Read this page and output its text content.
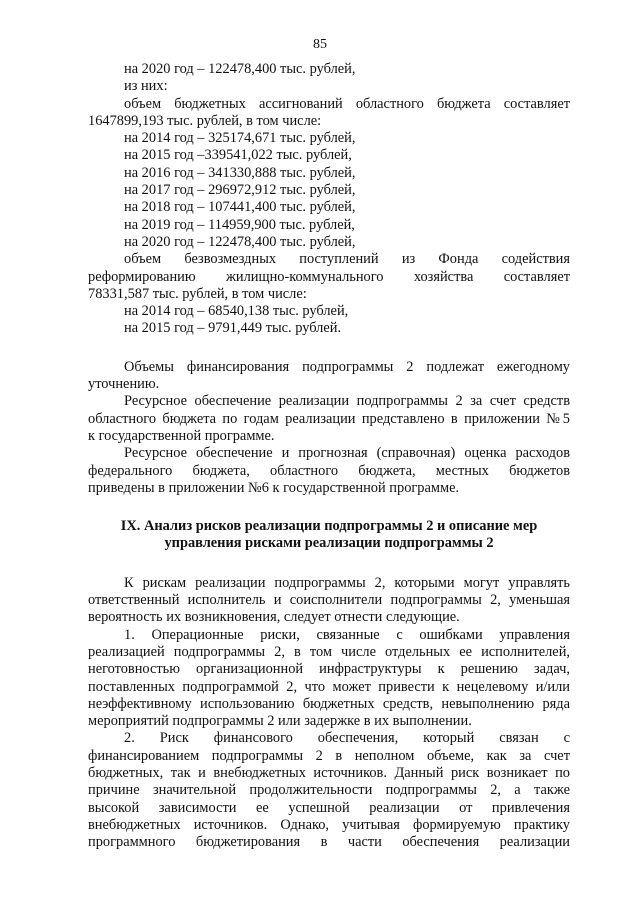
85
на 2020 год – 122478,400 тыс. рублей,
из них:
объем бюджетных ассигнований областного бюджета составляет
1647899,193 тыс. рублей, в том числе:
на 2014 год – 325174,671 тыс. рублей,
на 2015 год –339541,022 тыс. рублей,
на 2016 год – 341330,888 тыс. рублей,
на 2017 год – 296972,912 тыс. рублей,
на 2018 год – 107441,400 тыс. рублей,
на 2019 год – 114959,900 тыс. рублей,
на 2020 год – 122478,400 тыс. рублей,
объем безвозмездных поступлений из Фонда содействия
реформированию жилищно-коммунального хозяйства составляет
78331,587 тыс. рублей, в том числе:
на 2014 год – 68540,138 тыс. рублей,
на 2015 год – 9791,449 тыс. рублей.
Объемы финансирования подпрограммы 2 подлежат ежегодному
уточнению.
Ресурсное обеспечение реализации подпрограммы 2 за счет средств
областного бюджета по годам реализации представлено в приложении №5
к государственной программе.
Ресурсное обеспечение и прогнозная (справочная) оценка расходов
федерального бюджета, областного бюджета, местных бюджетов
приведены в приложении №6 к государственной программе.
IX. Анализ рисков реализации подпрограммы 2 и описание мер
управления рисками реализации подпрограммы 2
К рискам реализации подпрограммы 2, которыми могут управлять
ответственный исполнитель и соисполнители подпрограммы 2, уменьшая
вероятность их возникновения, следует отнести следующие.
1. Операционные риски, связанные с ошибками управления
реализацией подпрограммы 2, в том числе отдельных ее исполнителей,
неготовностью организационной инфраструктуры к решению задач,
поставленных подпрограммой 2, что может привести к нецелевому и/или
неэффективному использованию бюджетных средств, невыполнению ряда
мероприятий подпрограммы 2 или задержке в их выполнении.
2. Риск финансового обеспечения, который связан с
финансированием подпрограммы 2 в неполном объеме, как за счет
бюджетных, так и внебюджетных источников. Данный риск возникает по
причине значительной продолжительности подпрограммы 2, а также
высокой зависимости ее успешной реализации от привлечения
внебюджетных источников. Однако, учитывая формируемую практику
программного бюджетирования в части обеспечения реализации
